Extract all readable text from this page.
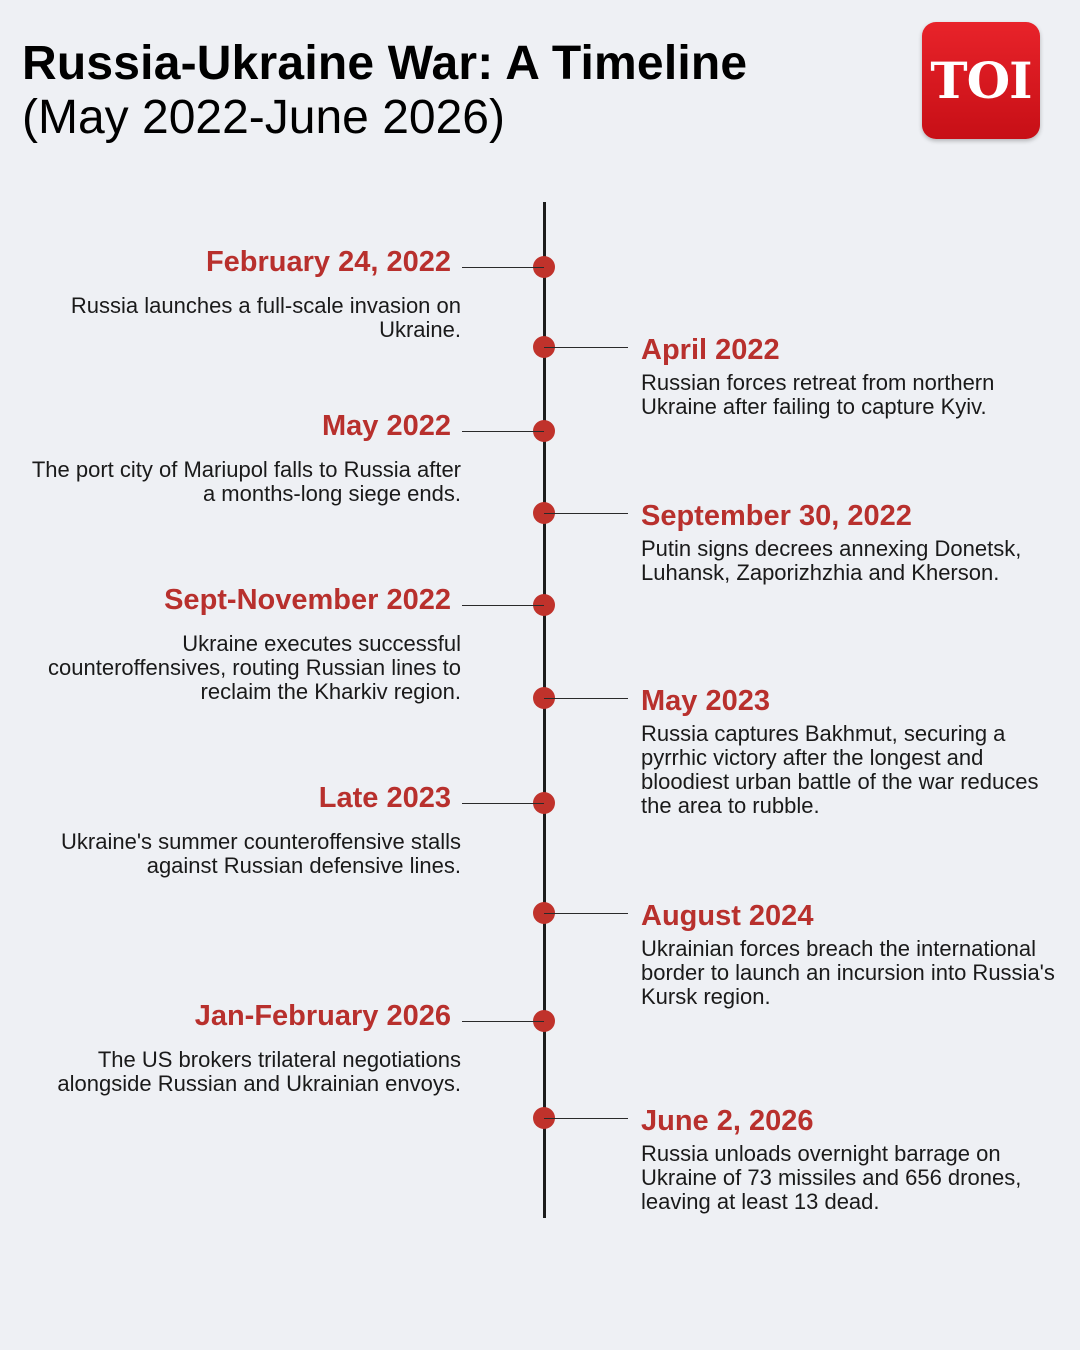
Russia-Ukraine War: A Timeline
(May 2022-June 2026)
TOI
February 24, 2022
Russia launches a full-scale invasion on Ukraine.
April 2022
Russian forces retreat from northern Ukraine after failing to capture Kyiv.
May 2022
The port city of Mariupol falls to Russia after a months-long siege ends.
September 30, 2022
Putin signs decrees annexing Donetsk, Luhansk, Zaporizhzhia and Kherson.
Sept-November 2022
Ukraine executes successful counteroffensives, routing Russian lines to reclaim the Kharkiv region.	May 2023
Russia captures Bakhmut, securing a pyrrhic victory after the longest and bloodiest urban battle of the war reduces the area to rubble.
Late 2023
Ukraine's summer counteroffensive stalls against Russian defensive lines.
August 2024
Ukrainian forces breach the international border to launch an incursion into Russia's Kursk region.
Jan-February 2026
The US brokers trilateral negotiations alongside Russian and Ukrainian envoys.
June 2, 2026
Russia unloads overnight barrage on Ukraine of 73 missiles and 656 drones, leaving at least 13 dead.
